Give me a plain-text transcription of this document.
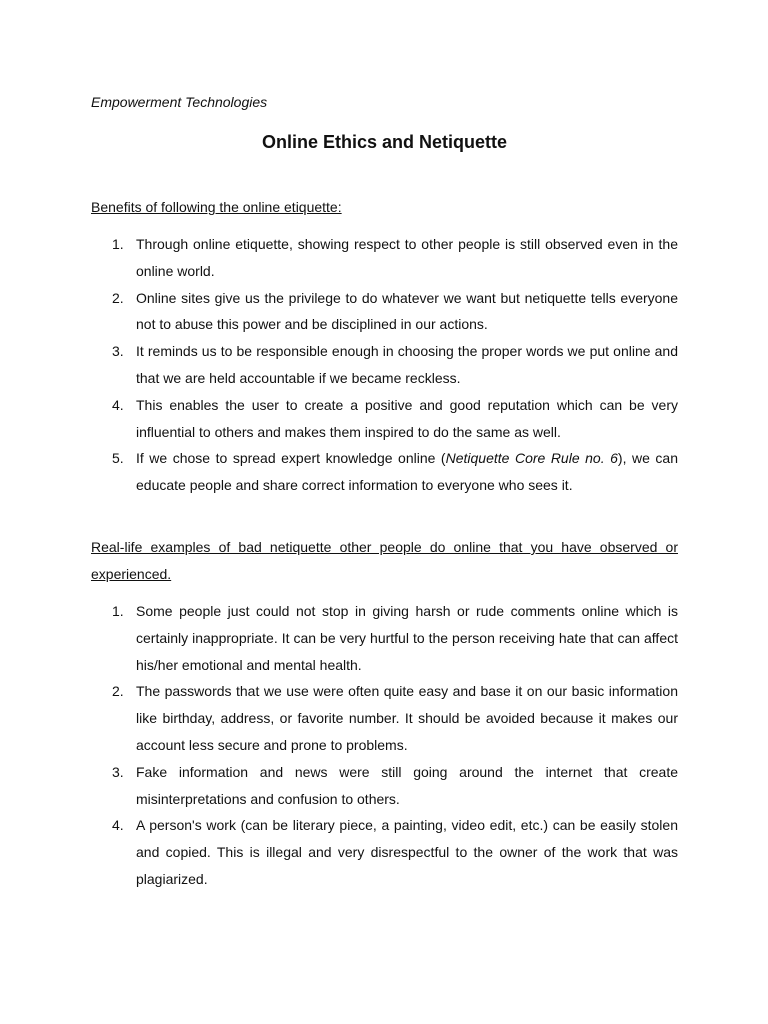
Empowerment Technologies

Online Ethics and Netiquette

Benefits of following the online etiquette:

1. Through online etiquette, showing respect to other people is still observed even in the online world.
2. Online sites give us the privilege to do whatever we want but netiquette tells everyone not to abuse this power and be disciplined in our actions.
3. It reminds us to be responsible enough in choosing the proper words we put online and that we are held accountable if we became reckless.
4. This enables the user to create a positive and good reputation which can be very influential to others and makes them inspired to do the same as well.
5. If we chose to spread expert knowledge online (Netiquette Core Rule no. 6), we can educate people and share correct information to everyone who sees it.

Real-life examples of bad netiquette other people do online that you have observed or experienced.

1. Some people just could not stop in giving harsh or rude comments online which is certainly inappropriate. It can be very hurtful to the person receiving hate that can affect his/her emotional and mental health.
2. The passwords that we use were often quite easy and base it on our basic information like birthday, address, or favorite number. It should be avoided because it makes our account less secure and prone to problems.
3. Fake information and news were still going around the internet that create misinterpretations and confusion to others.
4. A person's work (can be literary piece, a painting, video edit, etc.) can be easily stolen and copied. This is illegal and very disrespectful to the owner of the work that was plagiarized.
